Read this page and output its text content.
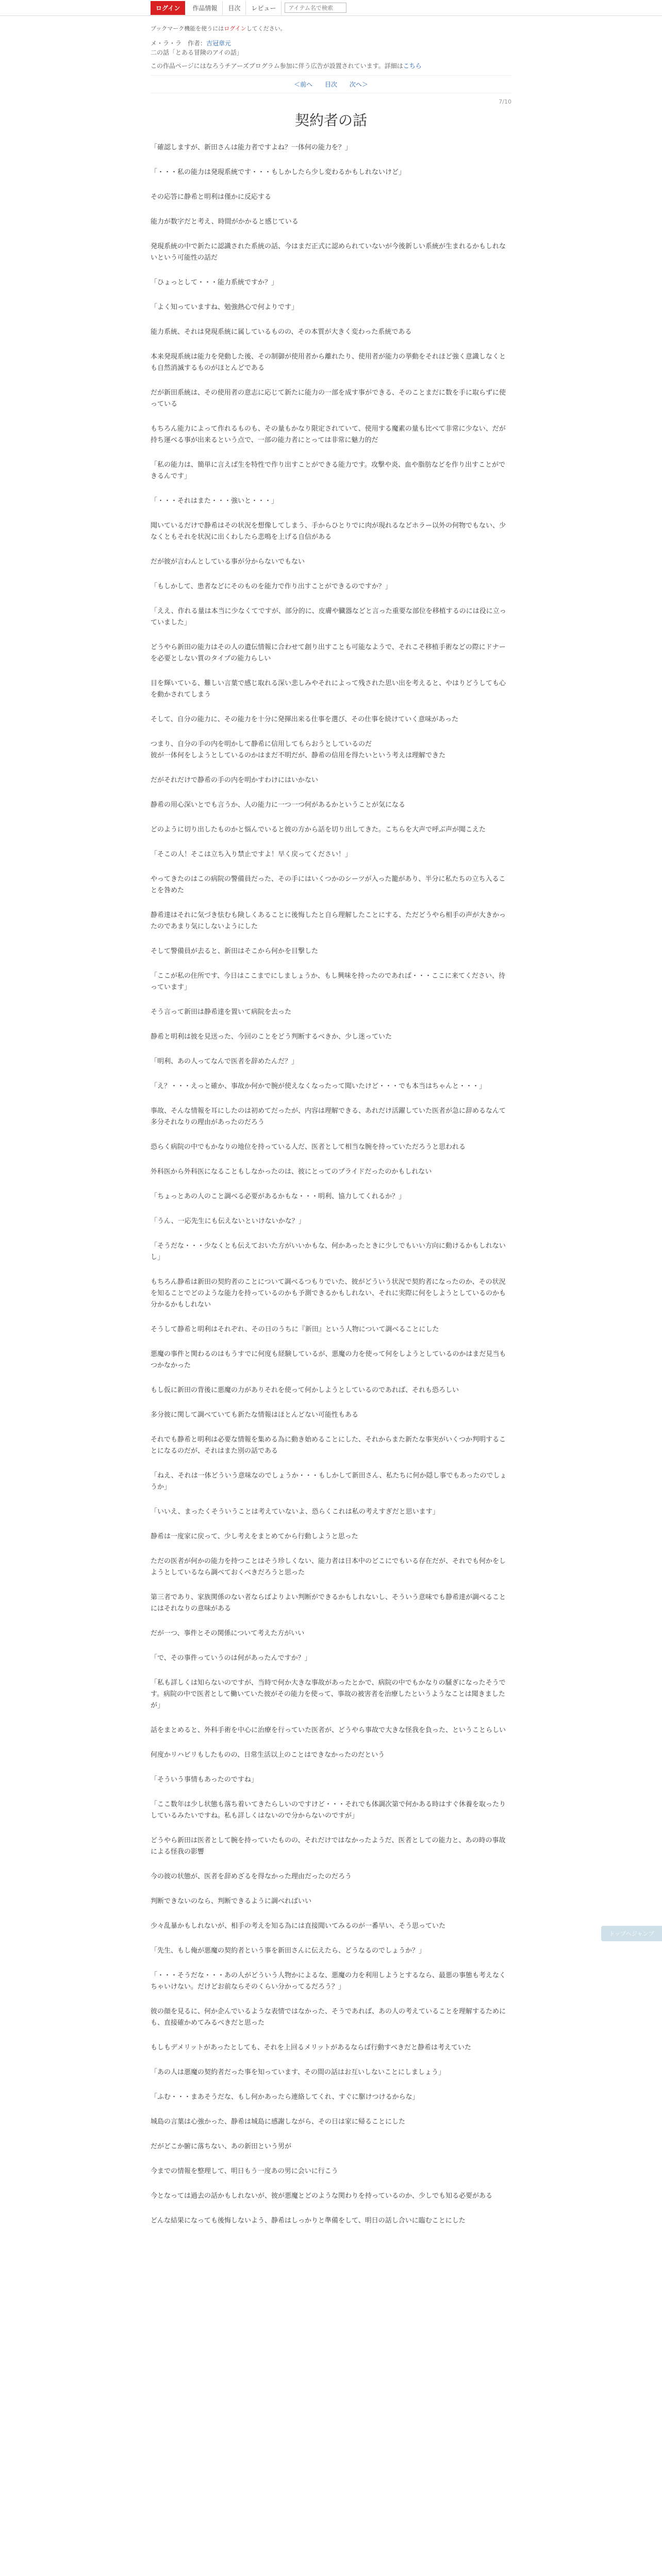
ログイン	作品情報	目次	レビュー
アイテム名で検索
ブックマーク機能を使うにはログインしてください。
メ・ラ・ラ　作者：吉冠章元
二の話「とある冒険のアイの話」
この作品ページにはなろうチアーズプログラム参加に伴う広告が設置されています。詳細はこちら
＜前へ 目次 次へ＞
7/10
契約者の話

「確認しますが、新田さんは能力者ですよね？一体何の能力を？」

「・・・私の能力は発現系統です・・・もしかしたら少し変わるかもしれないけど」

その応答に静希と明利は僅かに反応する

能力が数字だと考え、時間がかかると感じている

発現系統の中で新たに認識された系統の話、今はまだ正式に認められていないが今後新しい系統が生まれるかもしれないという可能性の話だ

「ひょっとして・・・能力系統ですか？」

「よく知っていますね、勉強熱心で何よりです」

能力系統、それは発現系統に属しているものの、その本質が大きく変わった系統である

本来発現系統は能力を発動した後、その制御が使用者から離れたり、使用者が能力の挙動をそれほど強く意識しなくとも自然消滅するものがほとんどである

だが新田系統は、その使用者の意志に応じて新たに能力の一部を成す事ができる、そのことまだに数を手に取らずに使っている

もちろん能力によって作れるものも、その量もかなり限定されていて、使用する魔素の量も比べて非常に少ない、だが持ち運べる事が出来るという点で、一部の能力者にとっては非常に魅力的だ

「私の能力は、簡単に言えば生を特性で作り出すことができる能力です。攻撃や炎、血や脂肪などを作り出すことができるんです」

「・・・それはまた・・・強いと・・・」

聞いているだけで静希はその状況を想像してしまう、手からひとりでに肉が現れるなどホラー以外の何物でもない、少なくともそれを状況に出くわしたら悲鳴を上げる自信がある

だが彼が言わんとしている事が分からないでもない

「もしかして、患者などにそのものを能力で作り出すことができるのですか？」

「ええ、作れる量は本当に少なくてですが、部分的に、皮膚や臓器などと言った重要な部位を移植するのには役に立っていました」

どうやら新田の能力はその人の遺伝情報に合わせて創り出すことも可能なようで、それこそ移植手術などの際にドナーを必要としない質のタイプの能力らしい

目を輝いている、難しい言葉で感じ取れる深い悲しみやそれによって残された思い出を考えると、やはりどうしても心を動かされてしまう

そして、自分の能力に、その能力を十分に発揮出来る仕事を選び、その仕事を続けていく意味があった

つまり、自分の手の内を明かして静希に信用してもらおうとしているのだ
彼が一体何をしようとしているのかはまだ不明だが、静希の信用を得たいという考えは理解できた

だがそれだけで静希の手の内を明かすわけにはいかない

静希の用心深いとでも言うか、人の能力に一つ一つ何があるかということが気になる

どのように切り出したものかと悩んでいると彼の方から話を切り出してきた。こちらを大声で呼ぶ声が聞こえた

「そこの人！そこは立ち入り禁止ですよ！早く戻ってください！」

やってきたのはこの病院の警備員だった、その手にはいくつかのシーツが入った籠があり、半分に私たちの立ち入ることを咎めた

静希達はそれに気づき怯むも険しくあることに後悔したと自ら理解したことにする、ただどうやら相手の声が大きかったのであまり気にしないようにした

そして警備員が去ると、新田はそこから何かを目撃した

「ここが私の住所です、今日はここまでにしましょうか、もし興味を持ったのであれば・・・ここに来てください、待っています」

そう言って新田は静希達を置いて病院を去った

静希と明利は彼を見送った、今回のことをどう判断するべきか、少し迷っていた

「明利、あの人ってなんで医者を辞めたんだ？」

「え？・・・えっと確か、事故か何かで腕が使えなくなったって聞いたけど・・・でも本当はちゃんと・・・」

事故、そんな情報を耳にしたのは初めてだったが、内容は理解できる、あれだけ活躍していた医者が急に辞めるなんて多分それなりの理由があったのだろう

恐らく病院の中でもかなりの地位を持っている人だ、医者として相当な腕を持っていただろうと思われる

外科医から外科医になることもしなかったのは、彼にとってのプライドだったのかもしれない

「ちょっとあの人のこと調べる必要があるかもな・・・明利、協力してくれるか？」

「うん、一応先生にも伝えないといけないかな？」

「そうだな・・・少なくとも伝えておいた方がいいかもな、何かあったときに少しでもいい方向に動けるかもしれないし」

もちろん静希は新田の契約者のことについて調べるつもりでいた、彼がどういう状況で契約者になったのか、その状況を知ることでどのような能力を持っているのかも予測できるかもしれない、それに実際に何をしようとしているのかも分かるかもしれない

そうして静希と明利はそれぞれ、その日のうちに『新田』という人物について調べることにした

悪魔の事件と関わるのはもうすでに何度も経験しているが、悪魔の力を使って何をしようとしているのかはまだ見当もつかなかった

もし仮に新田の背後に悪魔の力がありそれを使って何かしようとしているのであれば、それも恐ろしい

多分彼に関して調べていても新たな情報はほとんどない可能性もある

それでも静希と明利は必要な情報を集める為に動き始めることにした、それからまた新たな事実がいくつか判明することになるのだが、それはまた別の話である

「ねえ、それは一体どういう意味なのでしょうか・・・もしかして新田さん、私たちに何か隠し事でもあったのでしょうか」

「いいえ、まったくそういうことは考えていないよ、恐らくこれは私の考えすぎだと思います」

静希は一度家に戻って、少し考えをまとめてから行動しようと思った

ただの医者が何かの能力を持つことはそう珍しくない、能力者は日本中のどこにでもいる存在だが、それでも何かをしようとしているなら調べておくべきだろうと思った

第三者であり、家族関係のない者ならばよりよい判断ができるかもしれないし、そういう意味でも静希達が調べることにはそれなりの意味がある

だが一つ、事件とその関係について考えた方がいい

「で、その事件っていうのは何があったんですか？」

「私も詳しくは知らないのですが、当時で何か大きな事故があったとかで、病院の中でもかなりの騒ぎになったそうです。病院の中で医者として働いていた彼がその能力を使って、事故の被害者を治療したというようなことは聞きましたが」

話をまとめると、外科手術を中心に治療を行っていた医者が、どうやら事故で大きな怪我を負った、ということらしい

何度かリハビリもしたものの、日常生活以上のことはできなかったのだという

「そういう事情もあったのですね」

「ここ数年は少し状態も落ち着いてきたらしいのですけど・・・それでも体調次第で何かある時はすぐ休養を取ったりしているみたいですね。私も詳しくはないので分からないのですが」

どうやら新田は医者として腕を持っていたものの、それだけではなかったようだ、医者としての能力と、あの時の事故による怪我の影響

今の彼の状態が、医者を辞めざるを得なかった理由だったのだろう

判断できないのなら、判断できるように調べればいい

少々乱暴かもしれないが、相手の考えを知る為には直接聞いてみるのが一番早い、そう思っていた

「先生、もし俺が悪魔の契約者という事を新田さんに伝えたら、どうなるのでしょうか？」

「・・・そうだな・・・あの人がどういう人物かによるな、悪魔の力を利用しようとするなら、最悪の事態も考えなくちゃいけない。だけどお前ならそのくらい分かってるだろう？」

彼の顔を見るに、何か企んでいるような表情ではなかった、そうであれば、あの人の考えていることを理解するためにも、直接確かめてみるべきだと思った

もしもデメリットがあったとしても、それを上回るメリットがあるならば行動すべきだと静希は考えていた

「あの人は悪魔の契約者だった事を知っています、その間の話はお互いしないことにしましょう」

「ふむ・・・まあそうだな、もし何かあったら連絡してくれ、すぐに駆けつけるからな」

城島の言葉は心強かった、静希は城島に感謝しながら、その日は家に帰ることにした

だがどこか腑に落ちない、あの新田という男が

今までの情報を整理して、明日もう一度あの男に会いに行こう

今となっては過去の話かもしれないが、彼が悪魔とどのような関わりを持っているのか、少しでも知る必要がある

どんな結果になっても後悔しないよう、静希はしっかりと準備をして、明日の話し合いに臨むことにした

トップへジャンプ
